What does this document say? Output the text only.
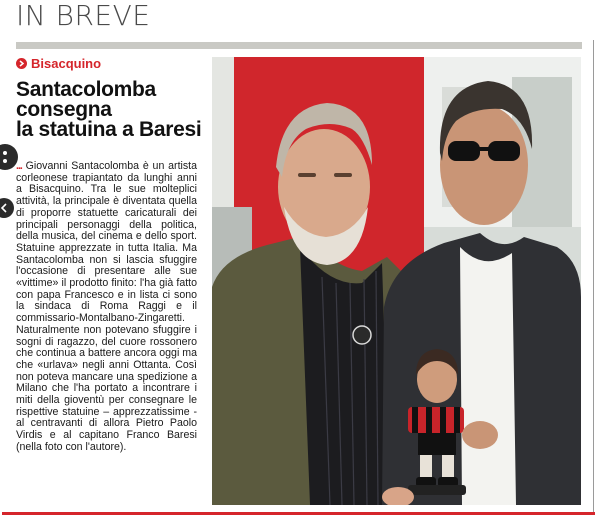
IN BREVE
Bisacquino
Santacolomba
consegna
la statuina a Baresi
... Giovanni Santacolomba è un artista corleonese trapiantato da lunghi anni a Bisacquino. Tra le sue molteplici attività, la principale è diventata quella di proporre statuette caricaturali dei principali personaggi della politica, della musica, del cinema e dello sport. Statuine apprezzate in tutta Italia. Ma Santacolomba non si lascia sfuggire l'occasione di presentare alle sue «vittime» il prodotto finito: l'ha già fatto con papa Francesco e in lista ci sono la sindaca di Roma Raggi e il commissario-Montalbano-Zingaretti. Naturalmente non potevano sfuggire i sogni di ragazzo, del cuore rossonero che continua a battere ancora oggi ma che «urlava» negli anni Ottanta. Così non poteva mancare una spedizione a Milano che l'ha portato a incontrare i miti della gioventù per consegnare le rispettive statuine – apprezzatissime - al centravanti di allora Pietro Paolo Virdis e al capitano Franco Baresi (nella foto con l'autore).
